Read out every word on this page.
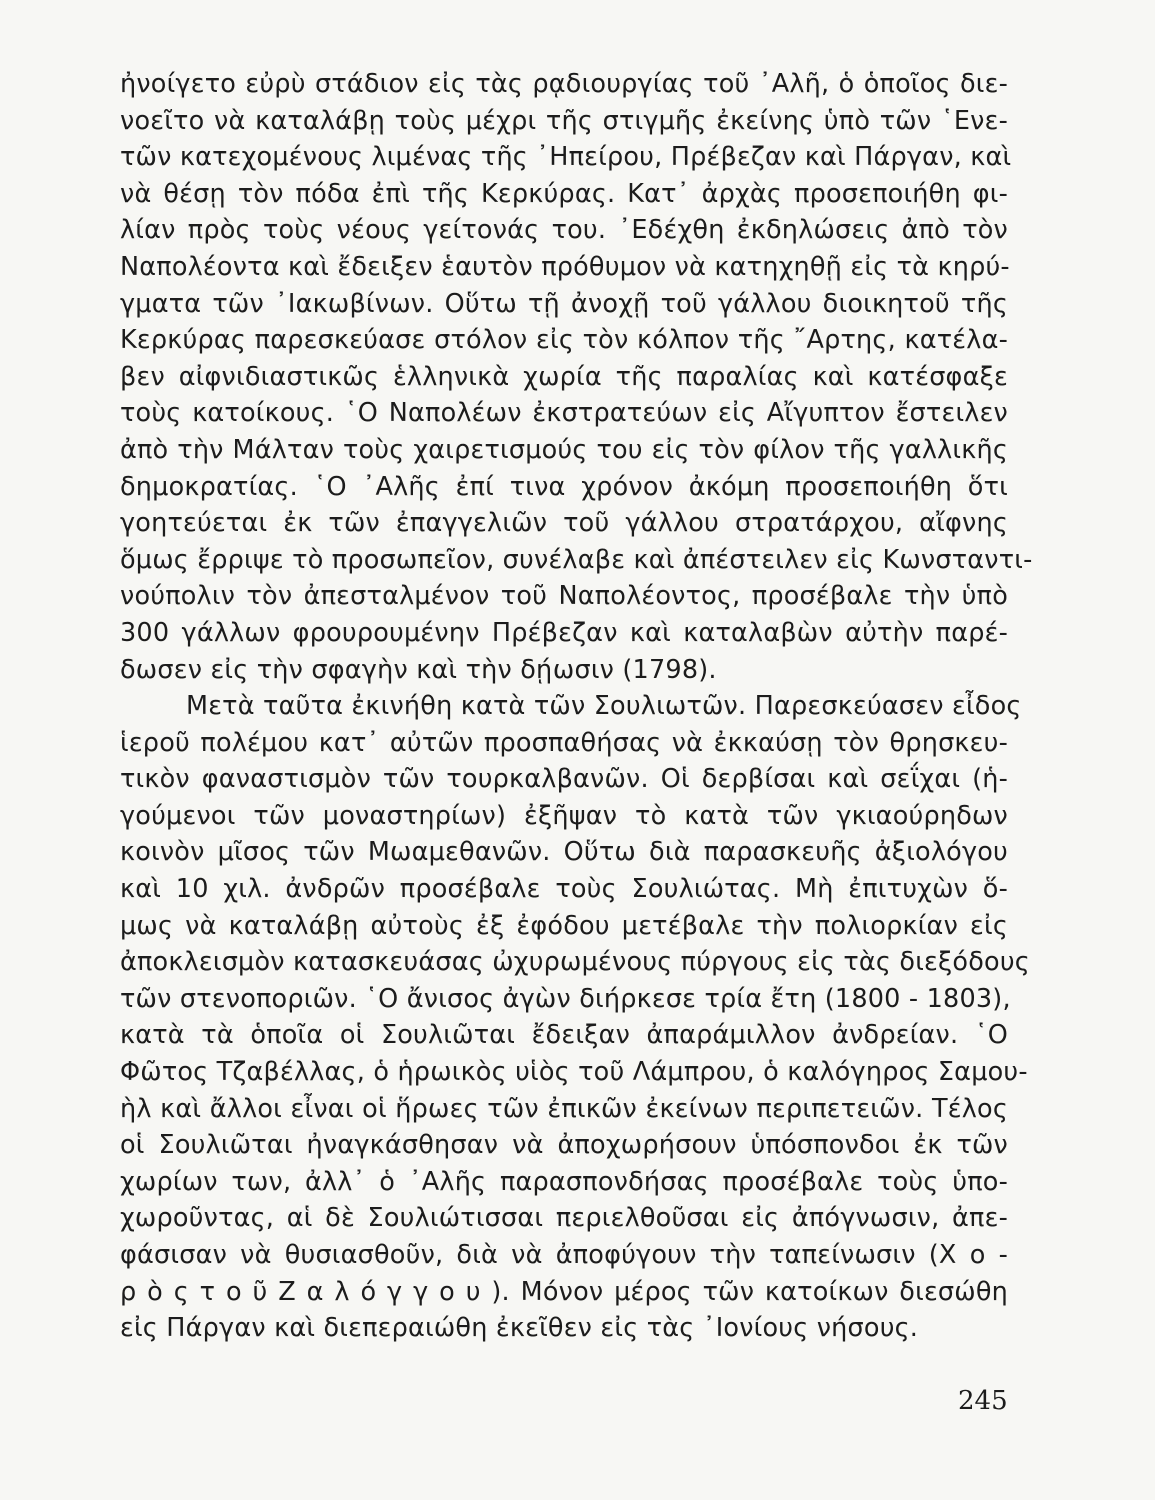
ἠνοίγετο εὐρὺ στάδιον εἰς τὰς ρᾳδιουργίας τοῦ ᾽Αλῆ, ὁ ὁποῖος διε-
νοεῖτο νὰ καταλάβῃ τοὺς μέχρι τῆς στιγμῆς ἐκείνης ὑπὸ τῶν ῾Ενε-
τῶν κατεχομένους λιμένας τῆς ᾽Ηπείρου, Πρέβεζαν καὶ Πάργαν, καὶ
νὰ θέσῃ τὸν πόδα ἐπὶ τῆς Κερκύρας. Κατ᾽ ἀρχὰς προσεποιήθη φι-
λίαν πρὸς τοὺς νέους γείτονάς του. ᾽Εδέχθη ἐκδηλώσεις ἀπὸ τὸν
Ναπολέοντα καὶ ἔδειξεν ἑαυτὸν πρόθυμον νὰ κατηχηθῇ εἰς τὰ κηρύ-
γματα τῶν ᾽Ιακωβίνων. Οὕτω τῇ ἀνοχῇ τοῦ γάλλου διοικητοῦ τῆς
Κερκύρας παρεσκεύασε στόλον εἰς τὸν κόλπον τῆς ῎Αρτης, κατέλα-
βεν αἰφνιδιαστικῶς ἑλληνικὰ χωρία τῆς παραλίας καὶ κατέσφαξε
τοὺς κατοίκους. ῾Ο Ναπολέων ἐκστρατεύων εἰς Αἴγυπτον ἔστειλεν
ἀπὸ τὴν Μάλταν τοὺς χαιρετισμούς του εἰς τὸν φίλον τῆς γαλλικῆς
δημοκρατίας. ῾Ο ᾽Αλῆς ἐπί τινα χρόνον ἀκόμη προσεποιήθη ὅτι
γοητεύεται ἐκ τῶν ἐπαγγελιῶν τοῦ γάλλου στρατάρχου, αἴφνης
ὅμως ἔρριψε τὸ προσωπεῖον, συνέλαβε καὶ ἀπέστειλεν εἰς Κωνσταντι-
νούπολιν τὸν ἀπεσταλμένον τοῦ Ναπολέοντος, προσέβαλε τὴν ὑπὸ
300 γάλλων φρουρουμένην Πρέβεζαν καὶ καταλαβὼν αὐτὴν παρέ-
δωσεν εἰς τὴν σφαγὴν καὶ τὴν δῄωσιν (1798).
Μετὰ ταῦτα ἐκινήθη κατὰ τῶν Σουλιωτῶν. Παρεσκεύασεν εἶδος
ἱεροῦ πολέμου κατ᾽ αὐτῶν προσπαθήσας νὰ ἐκκαύσῃ τὸν θρησκευ-
τικὸν φαναστισμὸν τῶν τουρκαλβανῶν. Οἱ δερβίσαι καὶ σεΐχαι (ἡ-
γούμενοι τῶν μοναστηρίων) ἐξῆψαν τὸ κατὰ τῶν γκιαούρηδων
κοινὸν μῖσος τῶν Μωαμεθανῶν. Οὕτω διὰ παρασκευῆς ἀξιολόγου
καὶ 10 χιλ. ἀνδρῶν προσέβαλε τοὺς Σουλιώτας. Μὴ ἐπιτυχὼν ὅ-
μως νὰ καταλάβῃ αὐτοὺς ἐξ ἐφόδου μετέβαλε τὴν πολιορκίαν εἰς
ἀποκλεισμὸν κατασκευάσας ὠχυρωμένους πύργους εἰς τὰς διεξόδους
τῶν στενοποριῶν. ῾Ο ἄνισος ἀγὼν διήρκεσε τρία ἔτη (1800 - 1803),
κατὰ τὰ ὁποῖα οἱ Σουλιῶται ἔδειξαν ἀπαράμιλλον ἀνδρείαν. ῾Ο
Φῶτος Τζαβέλλας, ὁ ἡρωικὸς υἱὸς τοῦ Λάμπρου, ὁ καλόγηρος Σαμου-
ὴλ καὶ ἄλλοι εἶναι οἱ ἥρωες τῶν ἐπικῶν ἐκείνων περιπετειῶν. Τέλος
οἱ Σουλιῶται ἠναγκάσθησαν νὰ ἀποχωρήσουν ὑπόσπονδοι ἐκ τῶν
χωρίων των, ἀλλ᾽ ὁ ᾽Αλῆς παρασπονδήσας προσέβαλε τοὺς ὑπο-
χωροῦντας, αἱ δὲ Σουλιώτισσαι περιελθοῦσαι εἰς ἀπόγνωσιν, ἀπε-
φάσισαν νὰ θυσιασθοῦν, διὰ νὰ ἀποφύγουν τὴν ταπείνωσιν (Χ ο -
ρ ὸ ς τ ο ῦ Ζ α λ ό γ γ ο υ ). Μόνον μέρος τῶν κατοίκων διεσώθη
εἰς Πάργαν καὶ διεπεραιώθη ἐκεῖθεν εἰς τὰς ᾽Ιονίους νήσους.
245
